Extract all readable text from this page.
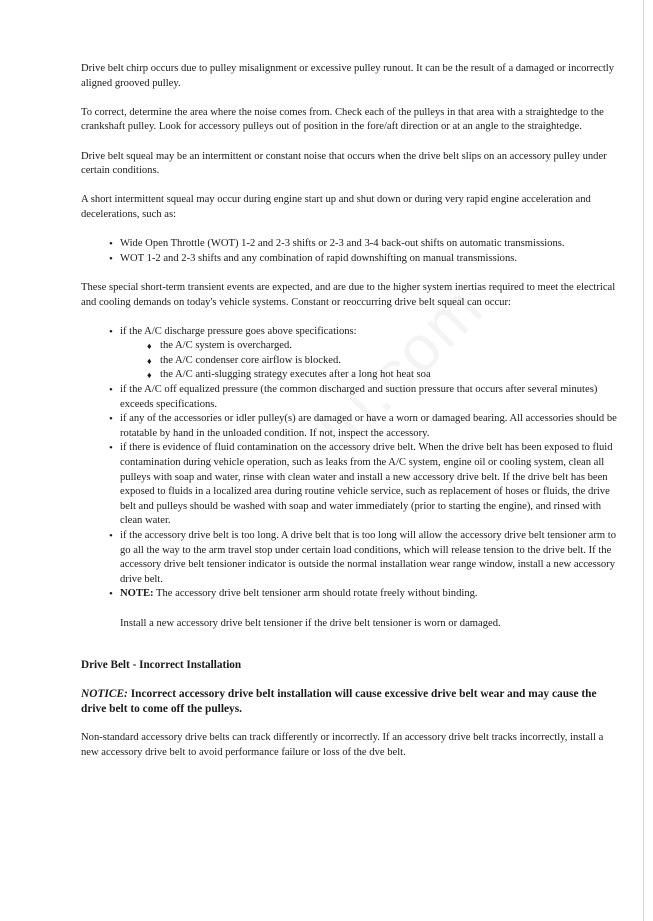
Drive belt chirp occurs due to pulley misalignment or excessive pulley runout. It can be the result of a damaged or incorrectly aligned grooved pulley.

To correct, determine the area where the noise comes from. Check each of the pulleys in that area with a straightedge to the crankshaft pulley. Look for accessory pulleys out of position in the fore/aft direction or at an angle to the straightedge.

Drive belt squeal may be an intermittent or constant noise that occurs when the drive belt slips on an accessory pulley under certain conditions.

A short intermittent squeal may occur during engine start up and shut down or during very rapid engine acceleration and decelerations, such as:

• Wide Open Throttle (WOT) 1-2 and 2-3 shifts or 2-3 and 3-4 back-out shifts on automatic transmissions.
• WOT 1-2 and 2-3 shifts and any combination of rapid downshifting on manual transmissions.

These special short-term transient events are expected, and are due to the higher system inertias required to meet the electrical and cooling demands on today's vehicle systems. Constant or reoccurring drive belt squeal can occur:

• if the A/C discharge pressure goes above specifications:
♦ the A/C system is overcharged.
♦ the A/C condenser core airflow is blocked.
♦ the A/C anti-slugging strategy executes after a long hot heat soa
• if the A/C off equalized pressure (the common discharged and suction pressure that occurs after several minutes) exceeds specifications.
• if any of the accessories or idler pulley(s) are damaged or have a worn or damaged bearing. All accessories should be rotatable by hand in the unloaded condition. If not, inspect the accessory.
• if there is evidence of fluid contamination on the accessory drive belt. When the drive belt has been exposed to fluid contamination during vehicle operation, such as leaks from the A/C system, engine oil or cooling system, clean all pulleys with soap and water, rinse with clean water and install a new accessory drive belt. If the drive belt has been exposed to fluids in a localized area during routine vehicle service, such as replacement of hoses or fluids, the drive belt and pulleys should be washed with soap and water immediately (prior to starting the engine), and rinsed with clean water.
• if the accessory drive belt is too long. A drive belt that is too long will allow the accessory drive belt tensioner arm to go all the way to the arm travel stop under certain load conditions, which will release tension to the drive belt. If the accessory drive belt tensioner indicator is outside the normal installation wear range window, install a new accessory drive belt.
• NOTE: The accessory drive belt tensioner arm should rotate freely without binding.
Install a new accessory drive belt tensioner if the drive belt tensioner is worn or damaged.
Drive Belt - Incorrect Installation

NOTICE: Incorrect accessory drive belt installation will cause excessive drive belt wear and may cause the drive belt to come off the pulleys.

Non-standard accessory drive belts can track differently or incorrectly. If an accessory drive belt tracks incorrectly, install a new accessory drive belt to avoid performance failure or loss of the dve belt.
